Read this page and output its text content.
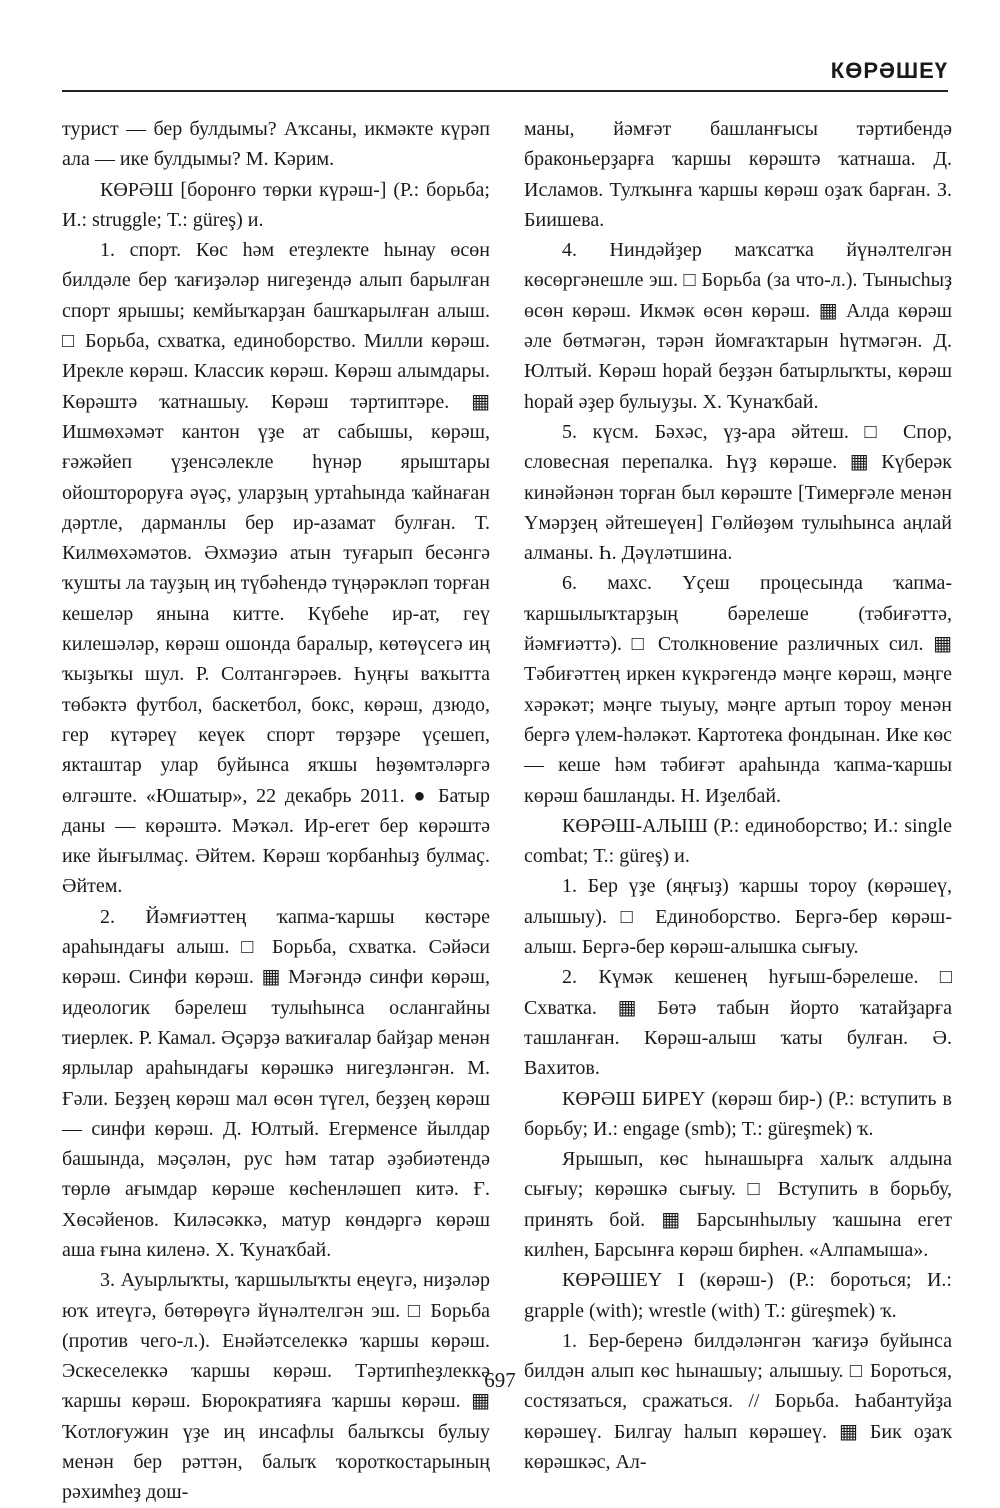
КӨРӘШЕҮ

турист — бер булдымы? Аҡсаны, икмәкте күрәп ала — ике булдымы? М. Кәрим.

КӨРӘШ [боронғо төрки күрәш-] (Р.: борьба; И.: struggle; Т.: güreş) и.

1. спорт. Көс һәм етеҙлекте һынау өсөн билдәле бер ҡағиҙәләр нигеҙендә алып барылған спорт ярышы; кемйыҡарҙан башҡарылған алыш. □ Борьба, схватка, единоборство. Милли көрәш. Ирекле көрәш. Классик көрәш. Көрәш алымдары. Көрәштә ҡатнашыу. Көрәш тәртиптәре. ▦ Ишмөхәмәт кантон үҙе ат сабышы, көрәш, ғәжәйеп үҙенсәлекле һүнәр ярыштары ойоштороруға әүәҫ, уларҙың уртаһында ҡайнаған дәртле, дарманлы бер ир-азамат булған. Т. Килмөхәмәтов. Әхмәҙиә атын туғарып бесәнгә ҡушты ла тауҙың иң түбәһендә түңәрәкләп торған кешеләр янына китте. Күбеһе ир-ат, геү килешәләр, көрәш ошонда баралыр, көтөүсегә иң ҡыҙыҡы шул. Р. Солтангәрәев. Һуңғы ваҡытта төбәктә футбол, баскетбол, бокс, көрәш, дзюдо, гер күтәреү кеүек спорт төрҙәре үҫешеп, якташтар улар буйынса яҡшы һөҙөмтәләргә өлгәште. «Юшатыр», 22 декабрь 2011. ● Батыр даны — көрәштә. Мәҡәл. Ир-егет бер көрәштә ике йығылмаҫ. Әйтем. Көрәш ҡорбанһыҙ булмаҫ. Әйтем.

2. Йәмғиәттең ҡапма-ҡаршы көстәре араһындағы алыш. □ Борьба, схватка. Сәйәси көрәш. Синфи көрәш. ▦ Мәғәндә синфи көрәш, идеологик бәрелеш тулыһынса ослангайны тиерлек. Р. Камал. Әҫәрҙә ваҡиғалар байҙар менән ярлылар араһындағы көрәшкә нигеҙләнгән. М. Ғәли. Беҙҙең көрәш мал өсөн түгел, беҙҙең көрәш — синфи көрәш. Д. Юлтый. Егерменсе йылдар башында, мәҫәлән, рус һәм татар әҙәбиәтендә төрлө ағымдар көрәше көсһенләшеп китә. Ғ. Хөсәйенов. Киләсәккә, матур көндәргә көрәш аша ғына киленә. Х. Ҡунаҡбай.

3. Ауырлыҡты, ҡаршылыҡты еңеүгә, ниҙәләр юҡ итеүгә, бөтөрөүгә йүнәлтелгән эш. □ Борьба (против чего-л.). Енәйәтселеккә ҡаршы көрәш. Эскеселеккә ҡаршы көрәш. Тәртипһеҙлеккә ҡаршы көрәш. Бюрократияға ҡаршы көрәш. ▦ Ҡотлоғужин үҙе иң инсафлы балыҡсы булыу менән бер рәттән, балыҡ ҡороткостарының рәхимһеҙ дош-

маны, йәмғәт башланғысы тәртибендә браконьерҙарға ҡаршы көрәштә ҡатнаша. Д. Исламов. Тулҡынға ҡаршы көрәш оҙаҡ барған. З. Биишева.

4. Ниндәйҙер маҡсатҡа йүнәлтелгән көсөргәнешле эш. □ Борьба (за что-л.). Тынысһыҙ өсөн көрәш. Икмәк өсөн көрәш. ▦ Алда көрәш әле бөтмәгән, тәрән йомғаҡтарын һүтмәгән. Д. Юлтый. Көрәш һорай беҙҙән батырлыҡты, көрәш һорай әҙер булыуҙы. Х. Ҡунаҡбай.

5. күсм. Бәхәс, үҙ-ара әйтеш. □ Спор, словесная перепалка. Һүҙ көрәше. ▦ Күберәк кинәйәнән торған был көрәште [Тимерғәле менән Үмәрҙең әйтешеүен] Гөлйөҙөм тулыһынса аңлай алманы. Һ. Дәүләтшина.

6. махс. Үҫеш процесында ҡапма-ҡаршылыҡтарҙың бәрелеше (тәбиғәттә, йәмғиәттә). □ Столкновение различных сил. ▦ Тәбиғәттең иркен күкрәгендә мәңге көрәш, мәңге хәрәкәт; мәңге тыуыу, мәңге артып тороу менән бергә үлем-һәләкәт. Картотека фондынан. Ике көс — кеше һәм тәбиғәт араһында ҡапма-ҡаршы көрәш башланды. Н. Иҙелбай.

КӨРӘШ-АЛЫШ (Р.: единоборство; И.: single combat; Т.: güreş) и.

1. Бер үҙе (яңғыҙ) ҡаршы тороу (көрәшеү, алышыу). □ Единоборство. Бергә-бер көрәш-алыш. Бергә-бер көрәш-алышка сығыу.

2. Күмәк кешенең һуғыш-бәрелеше. □ Схватка. ▦ Бөтә табын йорто ҡатайҙарға ташланған. Көрәш-алыш ҡаты булған. Ә. Вахитов.

КӨРӘШ БИРЕҮ (көрәш бир-) (Р.: вступить в борьбу; И.: engage (smb); Т.: güreşmek) ҡ.

Ярышып, көс һынашырға халыҡ алдына сығыу; көрәшкә сығыу. □ Вступить в борьбу, принять бой. ▦ Барсынһылыу ҡашына егет килһен, Барсынға көрәш бирһен. «Алпамыша».

КӨРӘШЕҮ I (көрәш-) (Р.: бороться; И.: grapple (with); wrestle (with) Т.: güreşmek) ҡ.

1. Бер-беренә билдәләнгән ҡағиҙә буйынса билдән алып көс һынашыу; алышыу. □ Бороться, состязаться, сражаться. // Борьба. Һабантуйҙа көрәшеү. Билгау һалып көрәшеү. ▦ Бик оҙаҡ көрәшкәс, Ал-

697
